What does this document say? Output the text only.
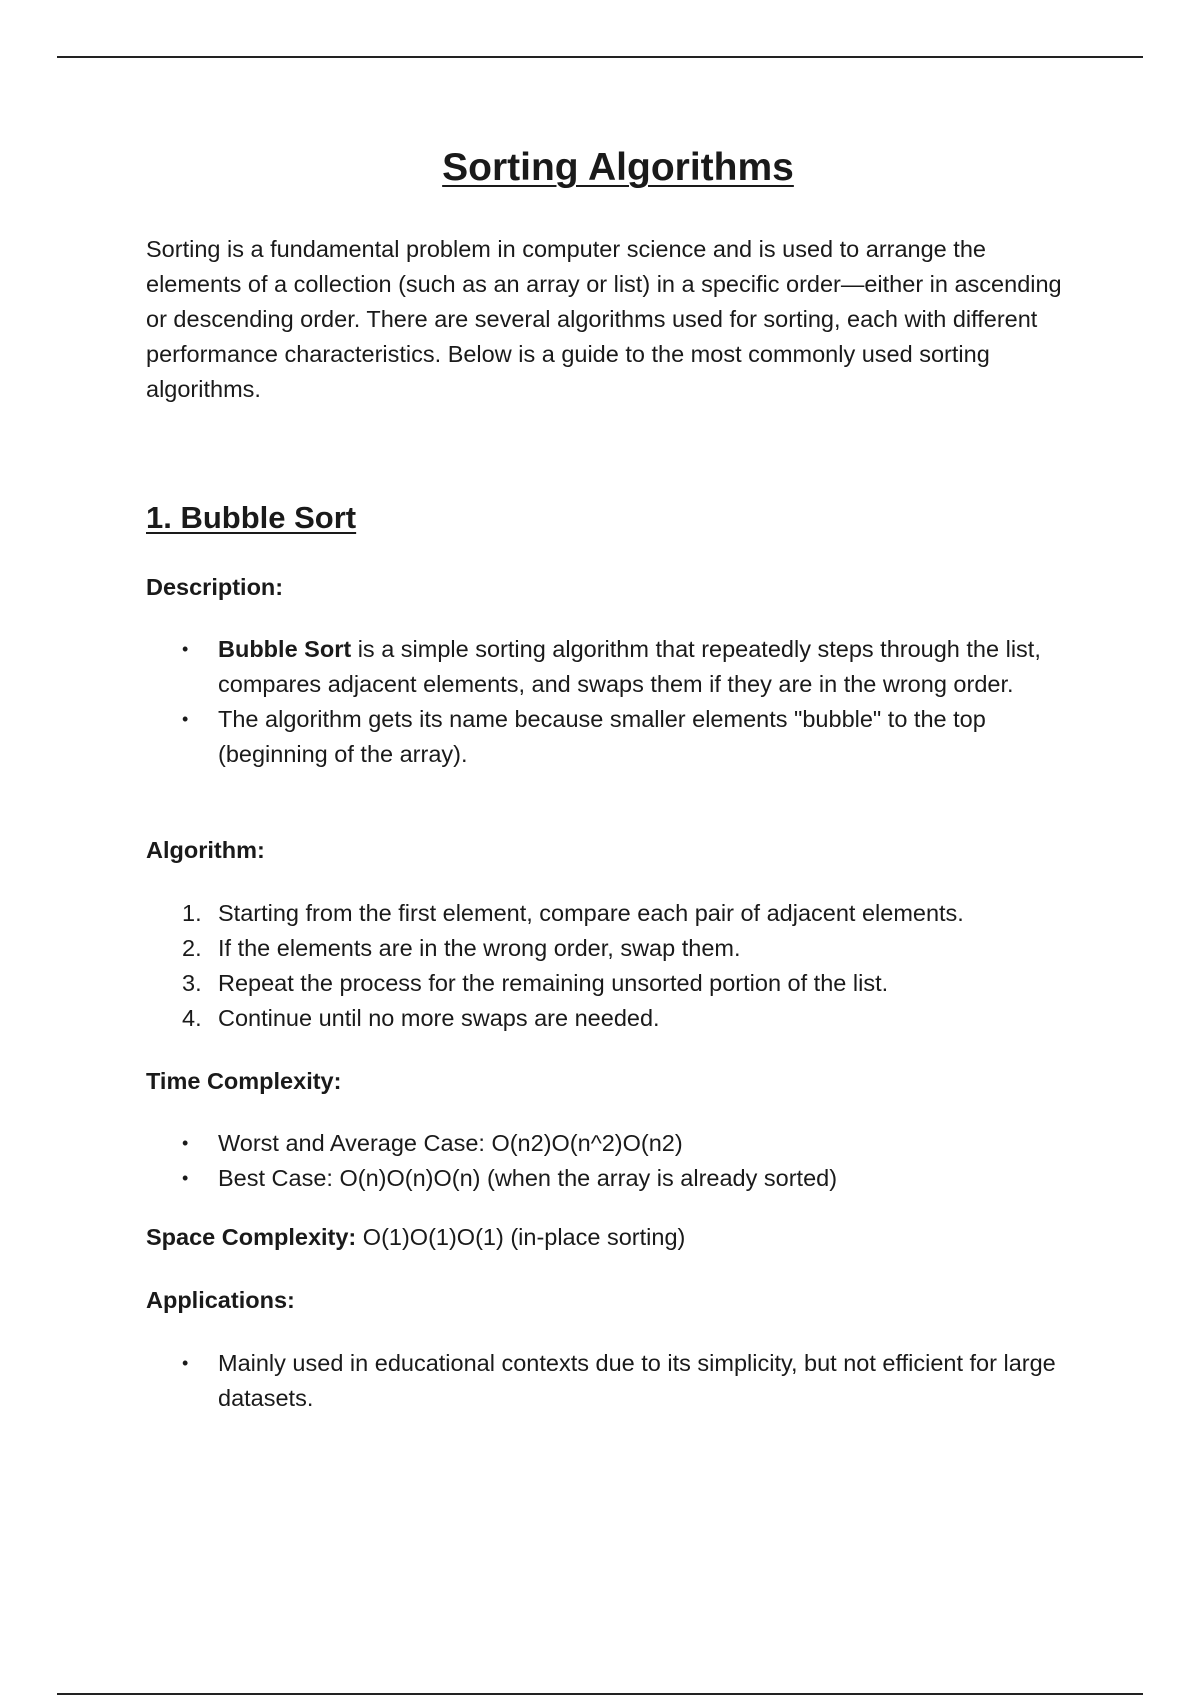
Sorting Algorithms

Sorting is a fundamental problem in computer science and is used to arrange the elements of a collection (such as an array or list) in a specific order—either in ascending or descending order. There are several algorithms used for sorting, each with different performance characteristics. Below is a guide to the most commonly used sorting algorithms.

1. Bubble Sort

Description:

• Bubble Sort is a simple sorting algorithm that repeatedly steps through the list, compares adjacent elements, and swaps them if they are in the wrong order.
• The algorithm gets its name because smaller elements "bubble" to the top (beginning of the array).

Algorithm:

1. Starting from the first element, compare each pair of adjacent elements.
2. If the elements are in the wrong order, swap them.
3. Repeat the process for the remaining unsorted portion of the list.
4. Continue until no more swaps are needed.

Time Complexity:

• Worst and Average Case: O(n2)O(n^2)O(n2)
• Best Case: O(n)O(n)O(n) (when the array is already sorted)

Space Complexity: O(1)O(1)O(1) (in-place sorting)

Applications:

• Mainly used in educational contexts due to its simplicity, but not efficient for large datasets.
